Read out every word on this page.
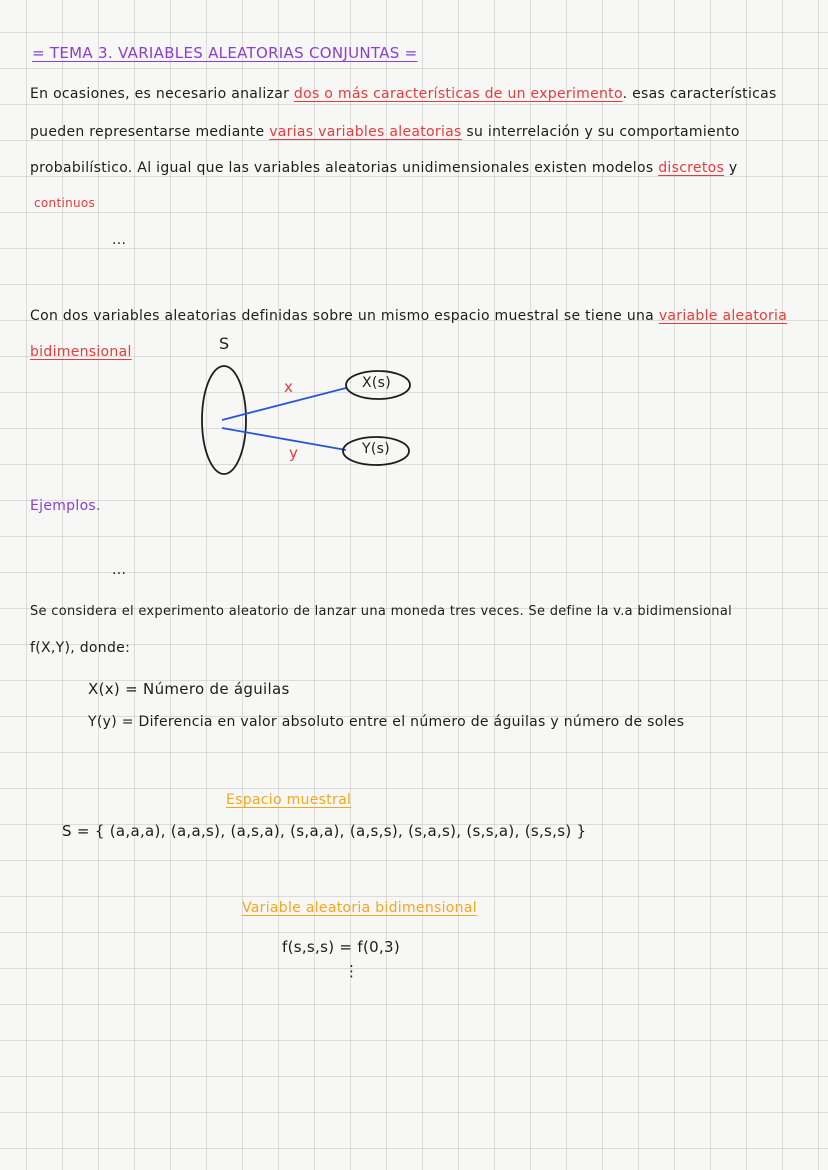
= TEMA 3. VARIABLES ALEATORIAS CONJUNTAS =
En ocasiones, es necesario analizar dos o más características de un experimento. esas características
pueden representarse mediante varias variables aleatorias su interrelación y su comportamiento
probabilístico. Al igual que las variables aleatorias unidimensionales existen modelos discretos y
continuos
...
Con dos variables aleatorias definidas sobre un mismo espacio muestral se tiene una variable aleatoria
bidimensional	S
x
y
X(s)
Y(s)
Ejemplos.
...
Se considera el experimento aleatorio de lanzar una moneda tres veces. Se define la v.a bidimensional
f(X,Y), donde:
X(x) = Número de águilas
Y(y) = Diferencia en valor absoluto entre el número de águilas y número de soles
Espacio muestral
S = { (a,a,a), (a,a,s), (a,s,a), (s,a,a), (a,s,s), (s,a,s), (s,s,a), (s,s,s) }
Variable aleatoria bidimensional
f(s,s,s) = f(0,3)
⋮
